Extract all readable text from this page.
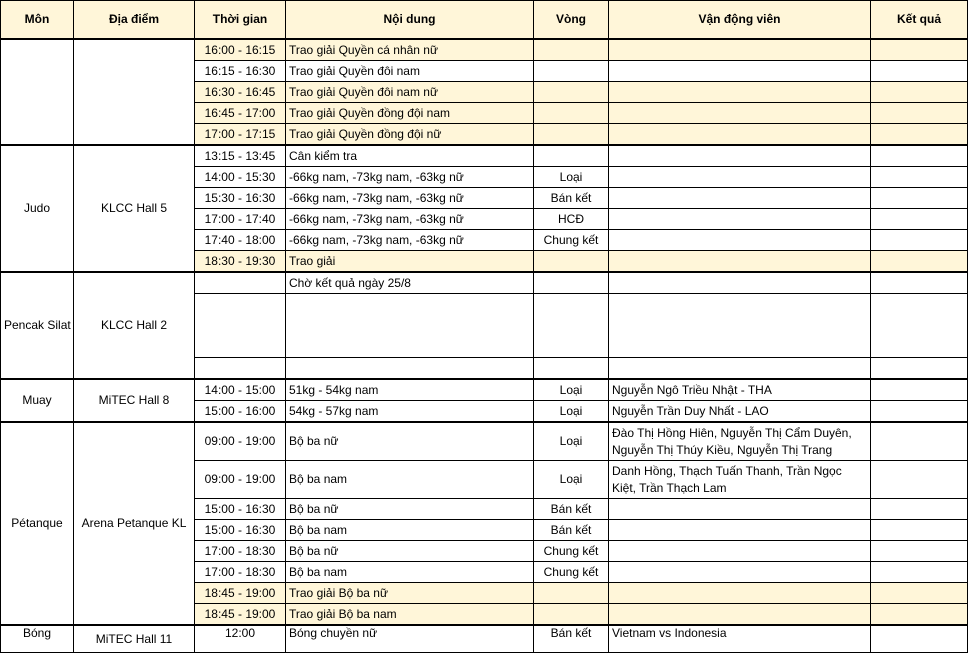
Môn	Địa điểm	Thời gian	Nội dung	Vòng	Vận động viên	Kết quả
		16:00 - 16:15	Trao giải Quyền cá nhân nữ			
		16:15 - 16:30	Trao giải Quyền đôi nam			
		16:30 - 16:45	Trao giải Quyền đôi nam nữ			
		16:45 - 17:00	Trao giải Quyền đồng đội nam			
		17:00 - 17:15	Trao giải Quyền đồng đội nữ			
Judo	KLCC Hall 5	13:15 - 13:45	Cân kiểm tra			
		14:00 - 15:30	-66kg nam, -73kg nam, -63kg nữ	Loại		
		15:30 - 16:30	-66kg nam, -73kg nam, -63kg nữ	Bán kết		
		17:00 - 17:40	-66kg nam, -73kg nam, -63kg nữ	HCĐ		
		17:40 - 18:00	-66kg nam, -73kg nam, -63kg nữ	Chung kết		
		18:30 - 19:30	Trao giải			
Pencak Silat	KLCC Hall 2		Chờ kết quả ngày 25/8			

Muay	MiTEC Hall 8	14:00 - 15:00	51kg - 54kg nam	Loại	Nguyễn Ngô Triều Nhật - THA	
		15:00 - 16:00	54kg - 57kg nam	Loại	Nguyễn Trần Duy Nhất - LAO	
Pétanque	Arena Petanque KL	09:00 - 19:00	Bộ ba nữ	Loại	Đào Thị Hồng Hiên, Nguyễn Thị Cẩm Duyên, Nguyễn Thị Thúy Kiều, Nguyễn Thị Trang	
		09:00 - 19:00	Bộ ba nam	Loại	Danh Hồng, Thạch Tuấn Thanh, Trần Ngọc Kiệt, Trần Thạch Lam	
		15:00 - 16:30	Bộ ba nữ	Bán kết		
		15:00 - 16:30	Bộ ba nam	Bán kết		
		17:00 - 18:30	Bộ ba nữ	Chung kết		
		17:00 - 18:30	Bộ ba nam	Chung kết		
		18:45 - 19:00	Trao giải Bộ ba nữ			
		18:45 - 19:00	Trao giải Bộ ba nam			
Bóng	MiTEC Hall 11	12:00	Bóng chuyền nữ	Bán kết	Vietnam vs Indonesia	
